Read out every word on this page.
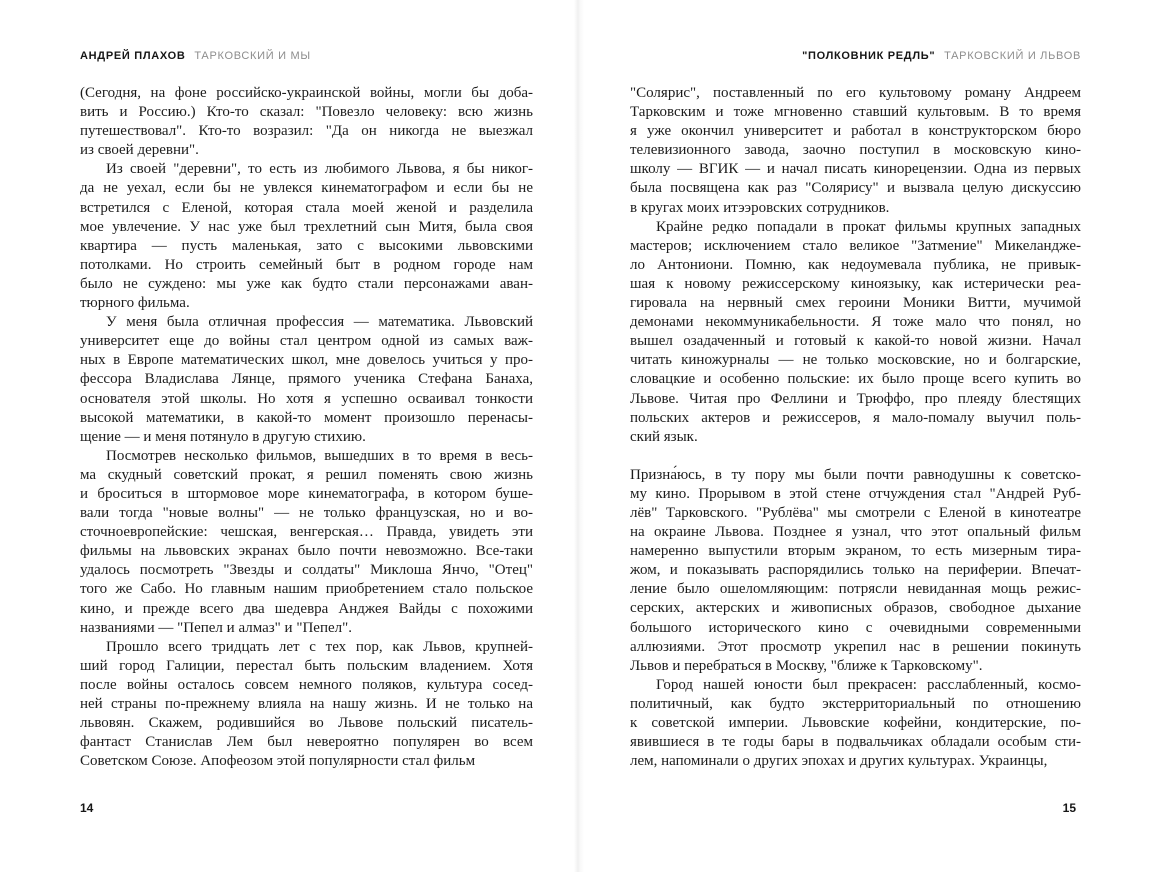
АНДРЕЙ ПЛАХОВ ТАРКОВСКИЙ И МЫ
(Сегодня, на фоне российско-украинской войны, могли бы доба-
вить и Россию.) Кто-то сказал: "Повезло человеку: всю жизнь
путешествовал". Кто-то возразил: "Да он никогда не выезжал
из своей деревни".
Из своей "деревни", то есть из любимого Львова, я бы никог-
да не уехал, если бы не увлекся кинематографом и если бы не
встретился с Еленой, которая стала моей женой и разделила
мое увлечение. У нас уже был трехлетний сын Митя, была своя
квартира — пусть маленькая, зато с высокими львовскими
потолками. Но строить семейный быт в родном городе нам
было не суждено: мы уже как будто стали персонажами аван-
тюрного фильма.
У меня была отличная профессия — математика. Львовский
университет еще до войны стал центром одной из самых важ-
ных в Европе математических школ, мне довелось учиться у про-
фессора Владислава Лянце, прямого ученика Стефана Банаха,
основателя этой школы. Но хотя я успешно осваивал тонкости
высокой математики, в какой-то момент произошло перенасы-
щение — и меня потянуло в другую стихию.
Посмотрев несколько фильмов, вышедших в то время в весь-
ма скудный советский прокат, я решил поменять свою жизнь
и броситься в штормовое море кинематографа, в котором буше-
вали тогда "новые волны" — не только французская, но и во-
сточноевропейские: чешская, венгерская… Правда, увидеть эти
фильмы на львовских экранах было почти невозможно. Все-таки
удалось посмотреть "Звезды и солдаты" Миклоша Янчо, "Отец"
того же Сабо. Но главным нашим приобретением стало польское
кино, и прежде всего два шедевра Анджея Вайды с похожими
названиями — "Пепел и алмаз" и "Пепел".
Прошло всего тридцать лет с тех пор, как Львов, крупней-
ший город Галиции, перестал быть польским владением. Хотя
после войны осталось совсем немного поляков, культура сосед-
ней страны по-прежнему влияла на нашу жизнь. И не только на
львовян. Скажем, родившийся во Львове польский писатель-
фантаст Станислав Лем был невероятно популярен во всем
Советском Союзе. Апофеозом этой популярности стал фильм
14
"ПОЛКОВНИК РЕДЛЬ" ТАРКОВСКИЙ И ЛЬВОВ
"Солярис", поставленный по его культовому роману Андреем
Тарковским и тоже мгновенно ставший культовым. В то время
я уже окончил университет и работал в конструкторском бюро
телевизионного завода, заочно поступил в московскую кино-
школу — ВГИК — и начал писать кинорецензии. Одна из первых
была посвящена как раз "Солярису" и вызвала целую дискуссию
в кругах моих итээровских сотрудников.
Крайне редко попадали в прокат фильмы крупных западных
мастеров; исключением стало великое "Затмение" Микеландже-
ло Антониони. Помню, как недоумевала публика, не привык-
шая к новому режиссерскому киноязыку, как истерически реа-
гировала на нервный смех героини Моники Витти, мучимой
демонами некоммуникабельности. Я тоже мало что понял, но
вышел озадаченный и готовый к какой-то новой жизни. Начал
читать киножурналы — не только московские, но и болгарские,
словацкие и особенно польские: их было проще всего купить во
Львове. Читая про Феллини и Трюффо, про плеяду блестящих
польских актеров и режиссеров, я мало-помалу выучил поль-
ский язык.
Призна́юсь, в ту пору мы были почти равнодушны к советско-
му кино. Прорывом в этой стене отчуждения стал "Андрей Руб-
лёв" Тарковского. "Рублёва" мы смотрели с Еленой в кинотеатре
на окраине Львова. Позднее я узнал, что этот опальный фильм
намеренно выпустили вторым экраном, то есть мизерным тира-
жом, и показывать распорядились только на периферии. Впечат-
ление было ошеломляющим: потрясли невиданная мощь режис-
серских, актерских и живописных образов, свободное дыхание
большого исторического кино с очевидными современными
аллюзиями. Этот просмотр укрепил нас в решении покинуть
Львов и перебраться в Москву, "ближе к Тарковскому".
Город нашей юности был прекрасен: расслабленный, космо-
политичный, как будто экстерриториальный по отношению
к советской империи. Львовские кофейни, кондитерские, по-
явившиеся в те годы бары в подвальчиках обладали особым сти-
лем, напоминали о других эпохах и других культурах. Украинцы,
15
